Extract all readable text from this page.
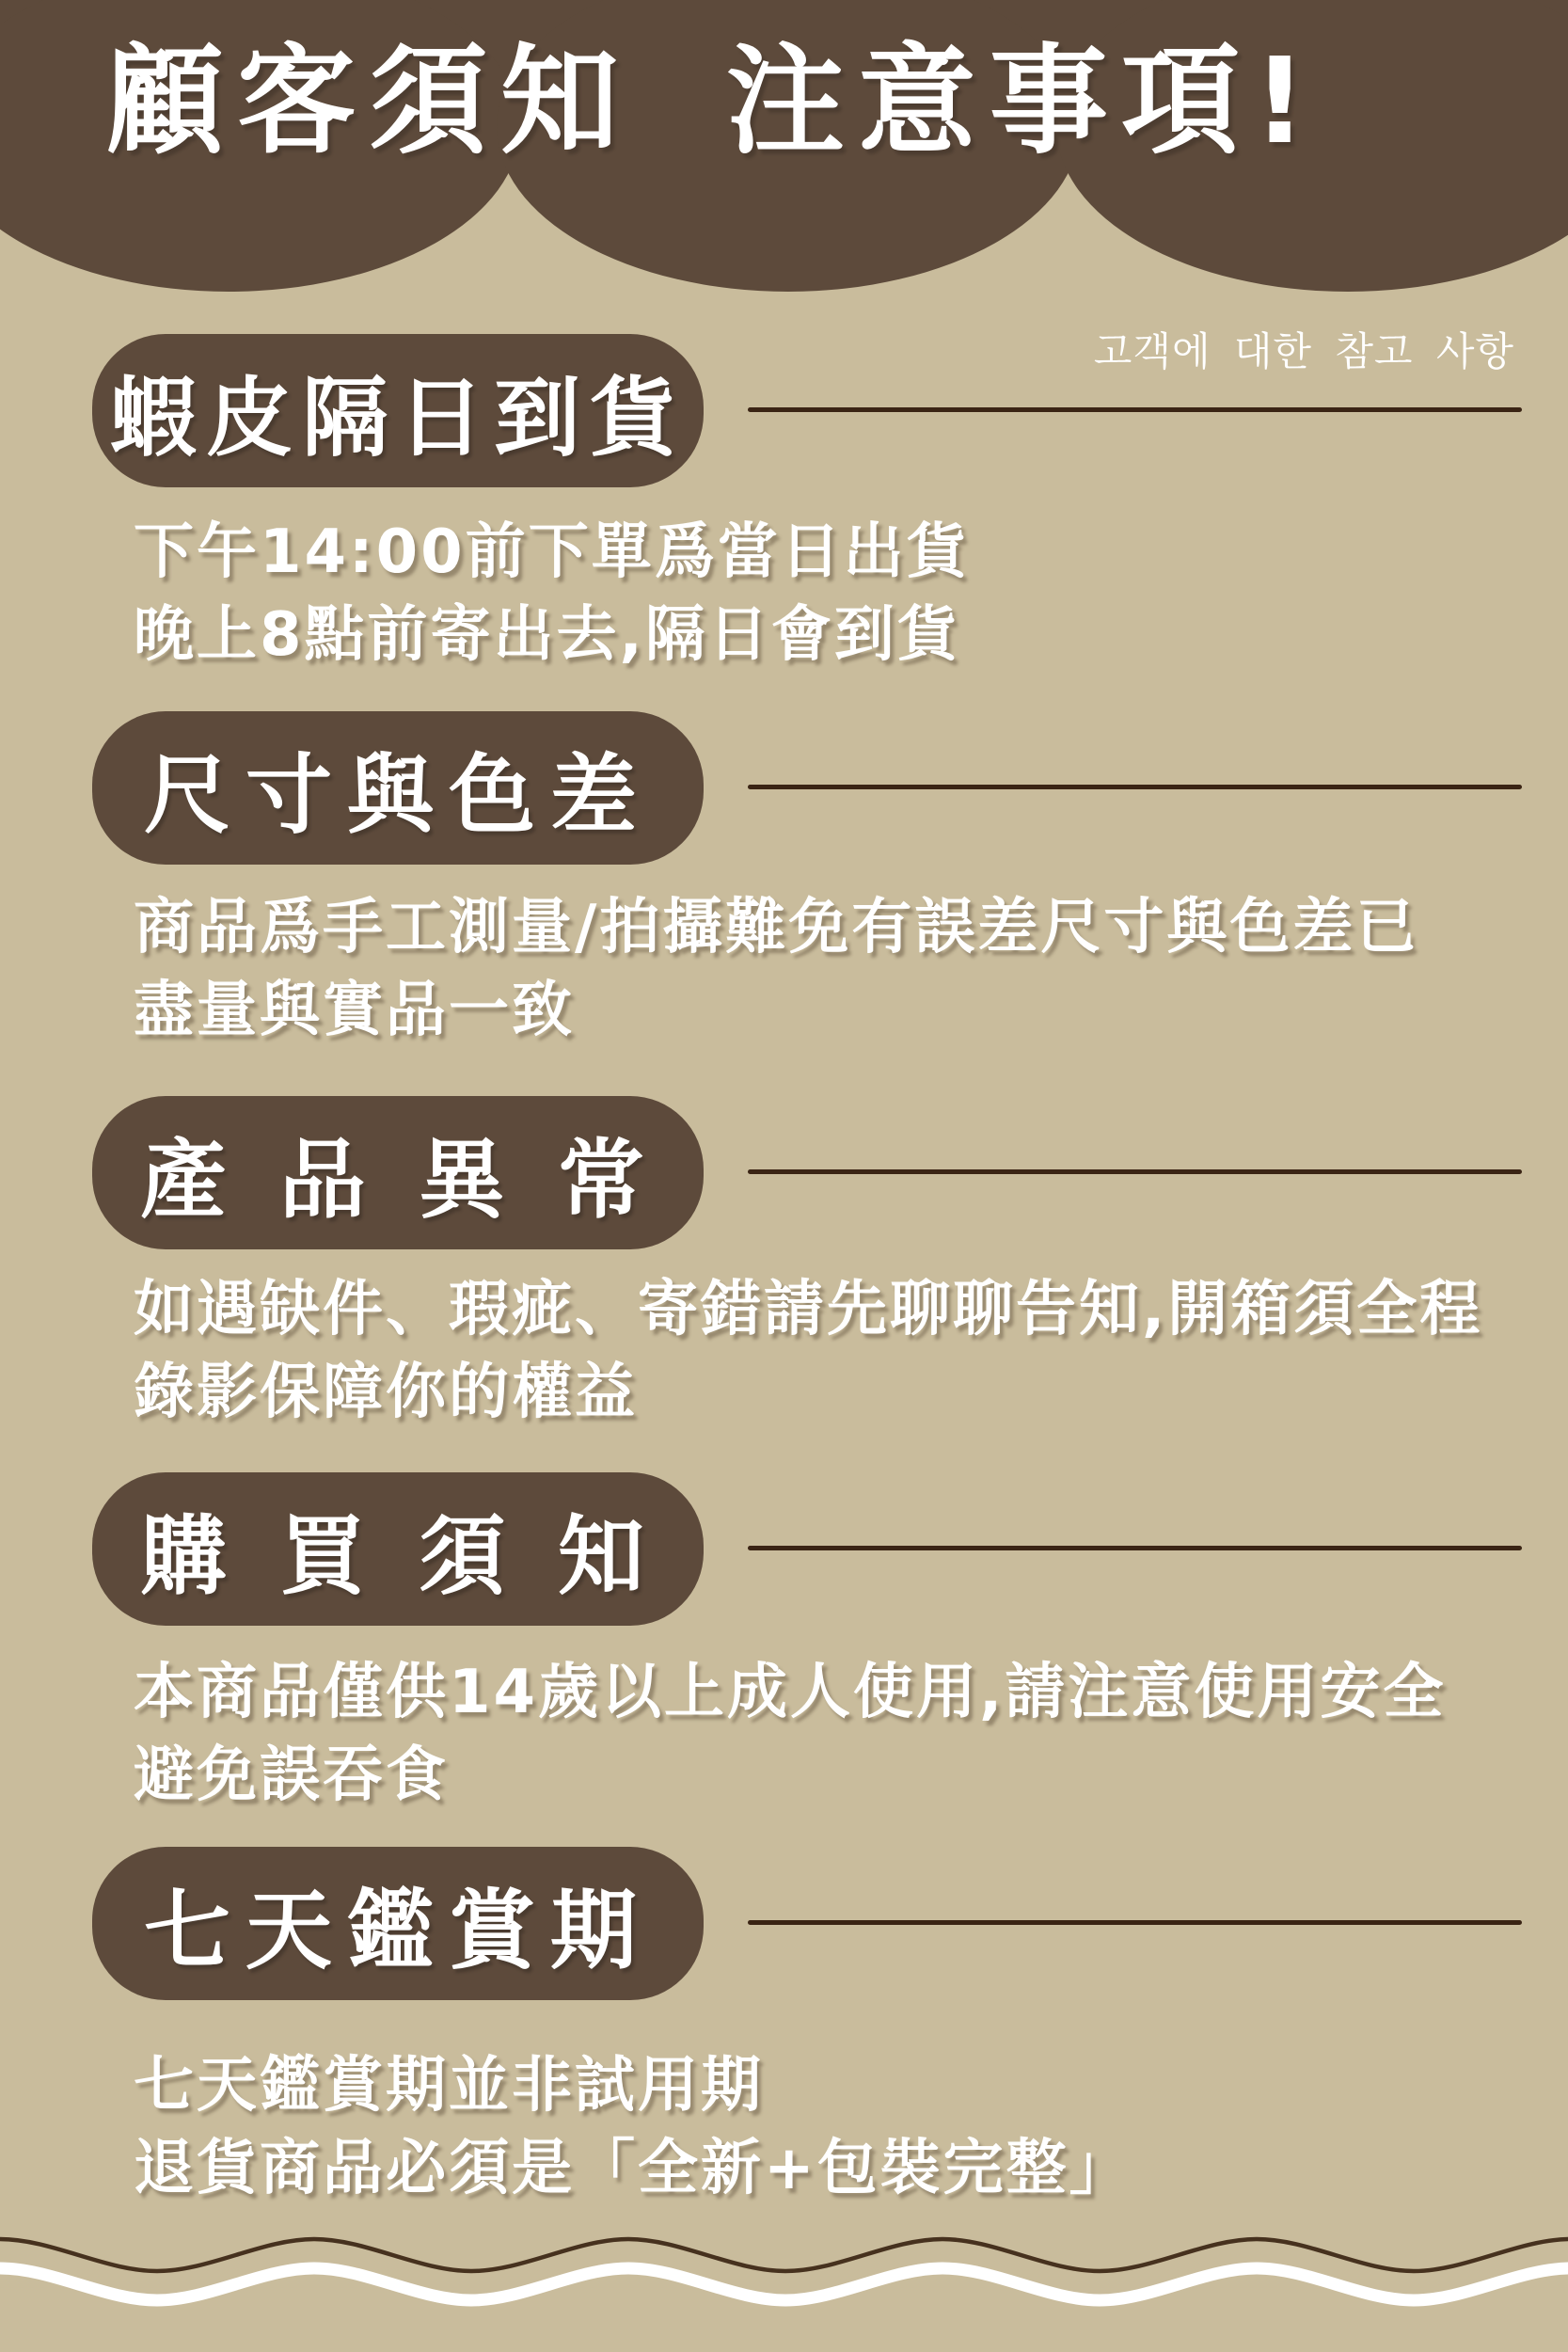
顧客須知 注意事項!
고객에 대한 참고 사항
蝦皮隔日到貨
下午14:00前下單爲當日出貨
晚上8點前寄出去,隔日會到貨
尺寸與色差
商品爲手工測量/拍攝難免有誤差尺寸與色差已
盡量與實品一致
產 品 異 常
如遇缺件、瑕疵、寄錯請先聊聊告知,開箱須全程
錄影保障你的權益
購 買 須 知
本商品僅供14歲以上成人使用,請注意使用安全
避免誤吞食
七天鑑賞期
七天鑑賞期並非試用期
退貨商品必須是「全新+包裝完整」
